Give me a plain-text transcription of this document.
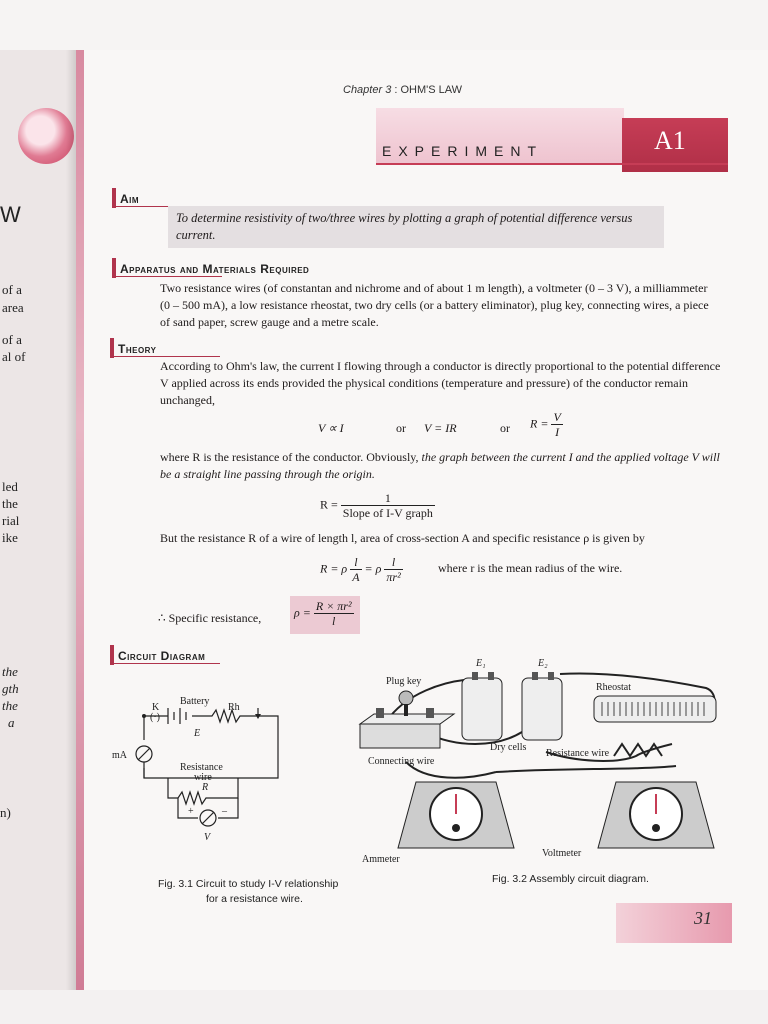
W
of a
area
of a
al of
led
the
rial
ike
the
gth
the
a
n)
Chapter 3 : OHM'S LAW
EXPERIMENT	A1
Aim
To determine resistivity of two/three wires by plotting a graph of potential difference versus current.
Apparatus and Materials Required
Two resistance wires (of constantan and nichrome and of about 1 m length), a voltmeter (0 – 3 V), a milliammeter (0 – 500 mA), a low resistance rheostat, two dry cells (or a battery eliminator), plug key, connecting wires, a piece of sand paper, screw gauge and a metre scale.
Theory
According to Ohm's law, the current I flowing through a conductor is directly proportional to the potential difference V applied across its ends provided the physical conditions (temperature and pressure) of the conductor remain unchanged,
V ∝ I	or V = IR	or $R = \frac{V}{I}$
where R is the resistance of the conductor. Obviously, the graph between the current I and the applied voltage V will be a straight line passing through the origin.
$R = \frac{1}{\text{Slope of I-V graph}}$
But the resistance R of a wire of length l, area of cross-section A and specific resistance ρ is given by
R = ρ $\frac{l}{A} = \rho \frac{l}{\text{πr²}}$	where r is the mean radius of the wire.
∴ Specific resistance,	$\rho = \frac{\text{R × πr²}}{l}$
Circuit Diagram
K
Battery
Rh
(·)
E
mA
Resistance
wire
R
+	–
V
Fig. 3.1 Circuit to study I-V relationship
for a resistance wire.
E₁	E₂
Plug key
Rheostat
Dry cells
Resistance wire
Connecting wire
Ammeter
Voltmeter
Fig. 3.2 Assembly circuit diagram.
31
